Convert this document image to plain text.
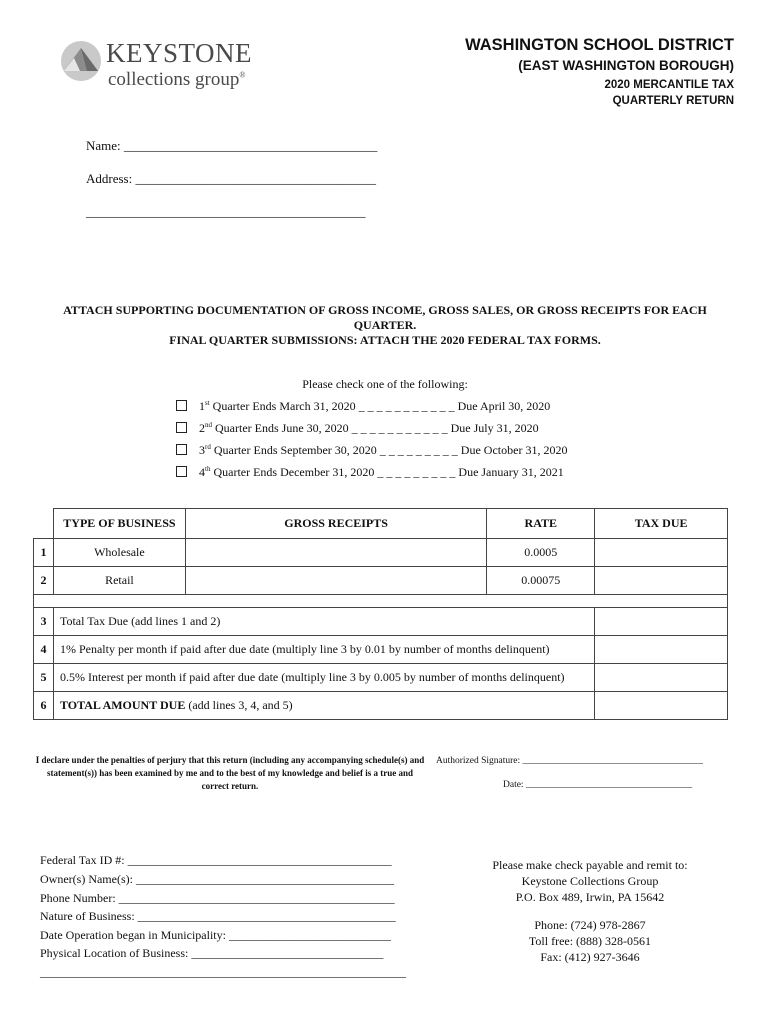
KEYSTONE
collections group®
WASHINGTON SCHOOL DISTRICT
(EAST WASHINGTON BOROUGH)
2020 MERCANTILE TAX
QUARTERLY RETURN
Name: _______________________________________
Address: _____________________________________
___________________________________________
ATTACH SUPPORTING DOCUMENTATION OF GROSS INCOME, GROSS SALES, OR GROSS RECEIPTS FOR EACH QUARTER.
FINAL QUARTER SUBMISSIONS: ATTACH THE 2020 FEDERAL TAX FORMS.
Please check one of the following:
1st Quarter Ends March 31, 2020 _ _ _ _ _ _ _ _ _ _ _ Due April 30, 2020
2nd Quarter Ends June 30, 2020 _ _ _ _ _ _ _ _ _ _ _ Due July 31, 2020
3rd Quarter Ends September 30, 2020 _ _ _ _ _ _ _ _ _ Due October 31, 2020
4th Quarter Ends December 31, 2020 _ _ _ _ _ _ _ _ _ Due January 31, 2021
	TYPE OF BUSINESS	GROSS RECEIPTS	RATE	TAX DUE
1	Wholesale		0.0005	
2	Retail		0.00075	

3	Total Tax Due (add lines 1 and 2)			
4	1% Penalty per month if paid after due date (multiply line 3 by 0.01 by number of months delinquent)			
5	0.5% Interest per month if paid after due date (multiply line 3 by 0.005 by number of months delinquent)			
6	TOTAL AMOUNT DUE (add lines 3, 4, and 5)			
I declare under the penalties of perjury that this return (including any accompanying schedule(s) and statement(s)) has been examined by me and to the best of my knowledge and belief is a true and correct return.
Authorized Signature: ______________________________________
Date: ___________________________________
Federal Tax ID #: ____________________________________________
Owner(s) Name(s): ___________________________________________
Phone Number: ______________________________________________
Nature of Business: ___________________________________________
Date Operation began in Municipality: ___________________________
Physical Location of Business: ________________________________
_____________________________________________________________
Please make check payable and remit to:
Keystone Collections Group
P.O. Box 489, Irwin, PA 15642
Phone: (724) 978-2867
Toll free: (888) 328-0561
Fax: (412) 927-3646
